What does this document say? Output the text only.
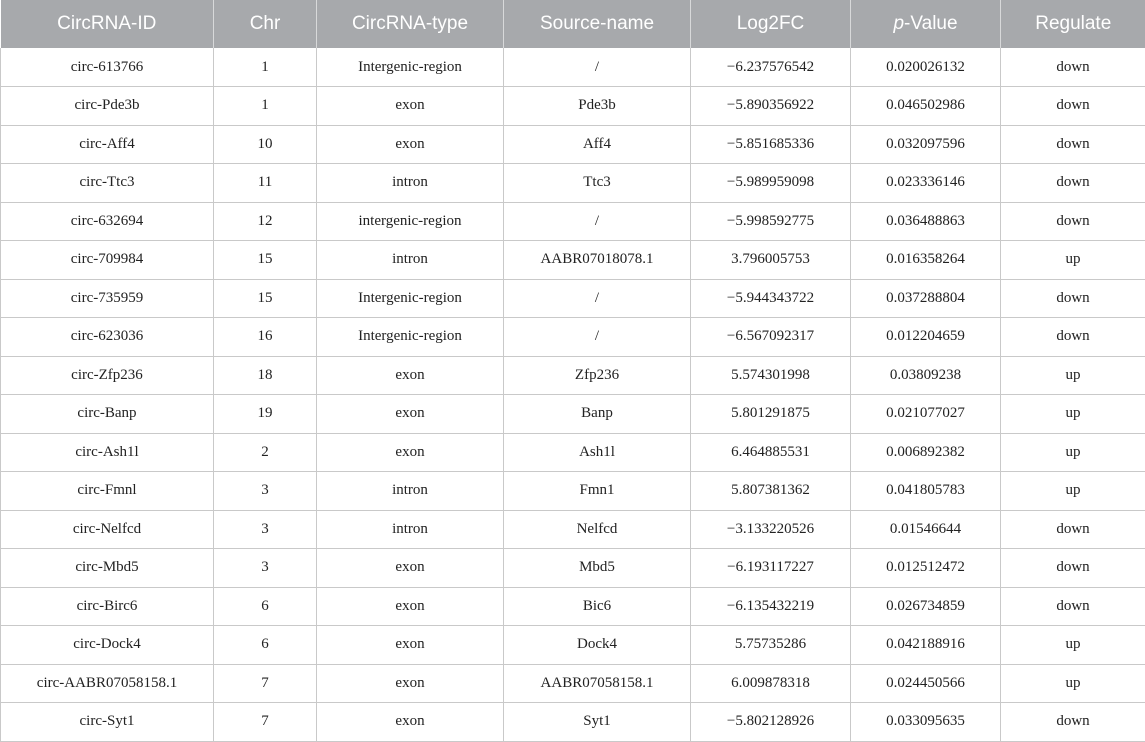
CircRNA-ID	Chr	CircRNA-type	Source-name	Log2FC	p-Value	Regulate
circ-613766	1	Intergenic-region	/	−6.237576542	0.020026132	down
circ-Pde3b	1	exon	Pde3b	−5.890356922	0.046502986	down
circ-Aff4	10	exon	Aff4	−5.851685336	0.032097596	down
circ-Ttc3	11	intron	Ttc3	−5.989959098	0.023336146	down
circ-632694	12	intergenic-region	/	−5.998592775	0.036488863	down
circ-709984	15	intron	AABR07018078.1	3.796005753	0.016358264	up
circ-735959	15	Intergenic-region	/	−5.944343722	0.037288804	down
circ-623036	16	Intergenic-region	/	−6.567092317	0.012204659	down
circ-Zfp236	18	exon	Zfp236	5.574301998	0.03809238	up
circ-Banp	19	exon	Banp	5.801291875	0.021077027	up
circ-Ash1l	2	exon	Ash1l	6.464885531	0.006892382	up
circ-Fmnl	3	intron	Fmn1	5.807381362	0.041805783	up
circ-Nelfcd	3	intron	Nelfcd	−3.133220526	0.01546644	down
circ-Mbd5	3	exon	Mbd5	−6.193117227	0.012512472	down
circ-Birc6	6	exon	Bic6	−6.135432219	0.026734859	down
circ-Dock4	6	exon	Dock4	5.75735286	0.042188916	up
circ-AABR07058158.1	7	exon	AABR07058158.1	6.009878318	0.024450566	up
circ-Syt1	7	exon	Syt1	−5.802128926	0.033095635	down
